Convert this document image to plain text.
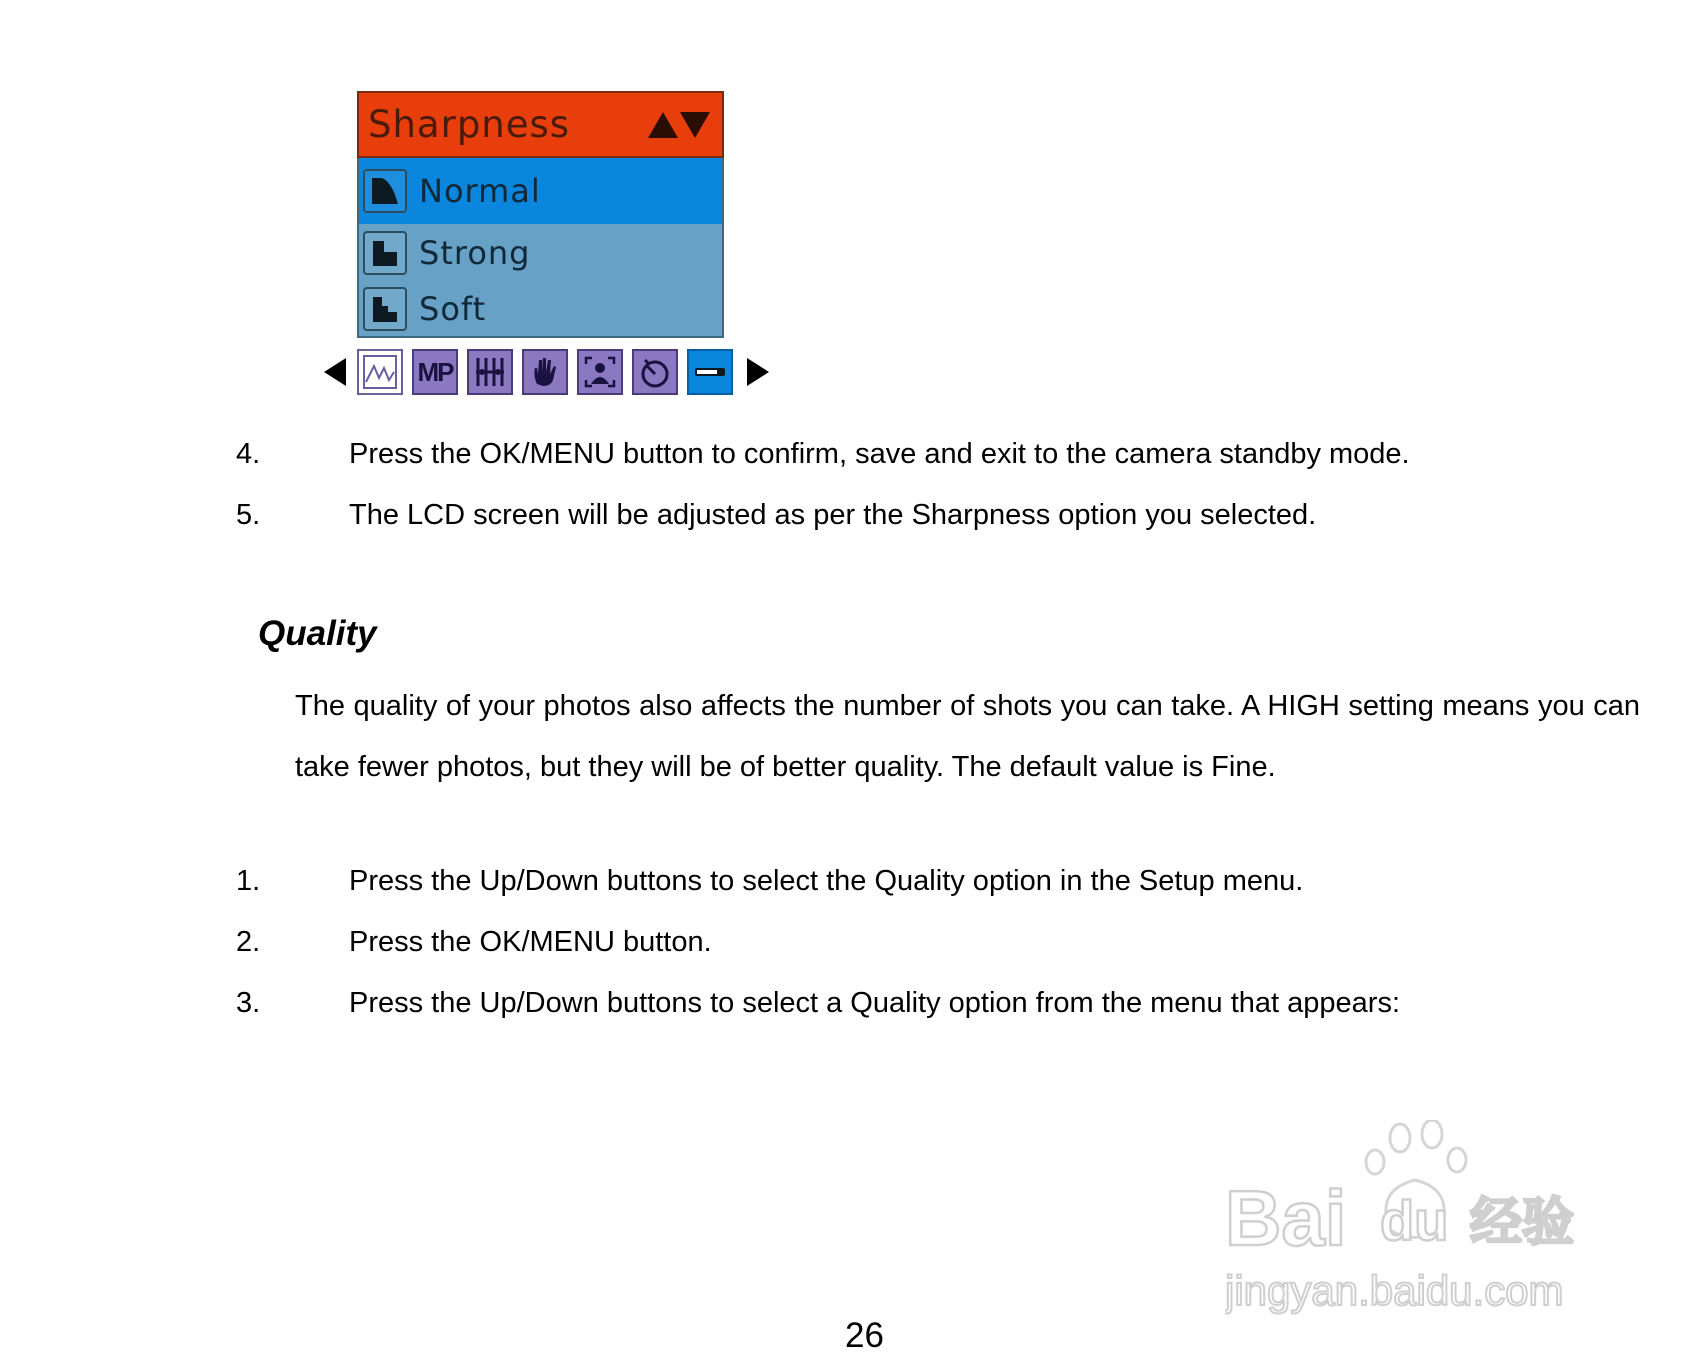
Sharpness
Normal
Strong
Soft
MP
4.	Press the OK/MENU button to confirm, save and exit to the camera standby mode.
5.	The LCD screen will be adjusted as per the Sharpness option you selected.
Quality
The quality of your photos also affects the number of shots you can take. A HIGH setting means you can take fewer photos, but they will be of better quality. The default value is Fine.
1.	Press the Up/Down buttons to select the Quality option in the Setup menu.
2.	Press the OK/MENU button.
3.	Press the Up/Down buttons to select a Quality option from the menu that appears:
26
Bai du 经验
jingyan.baidu.com
